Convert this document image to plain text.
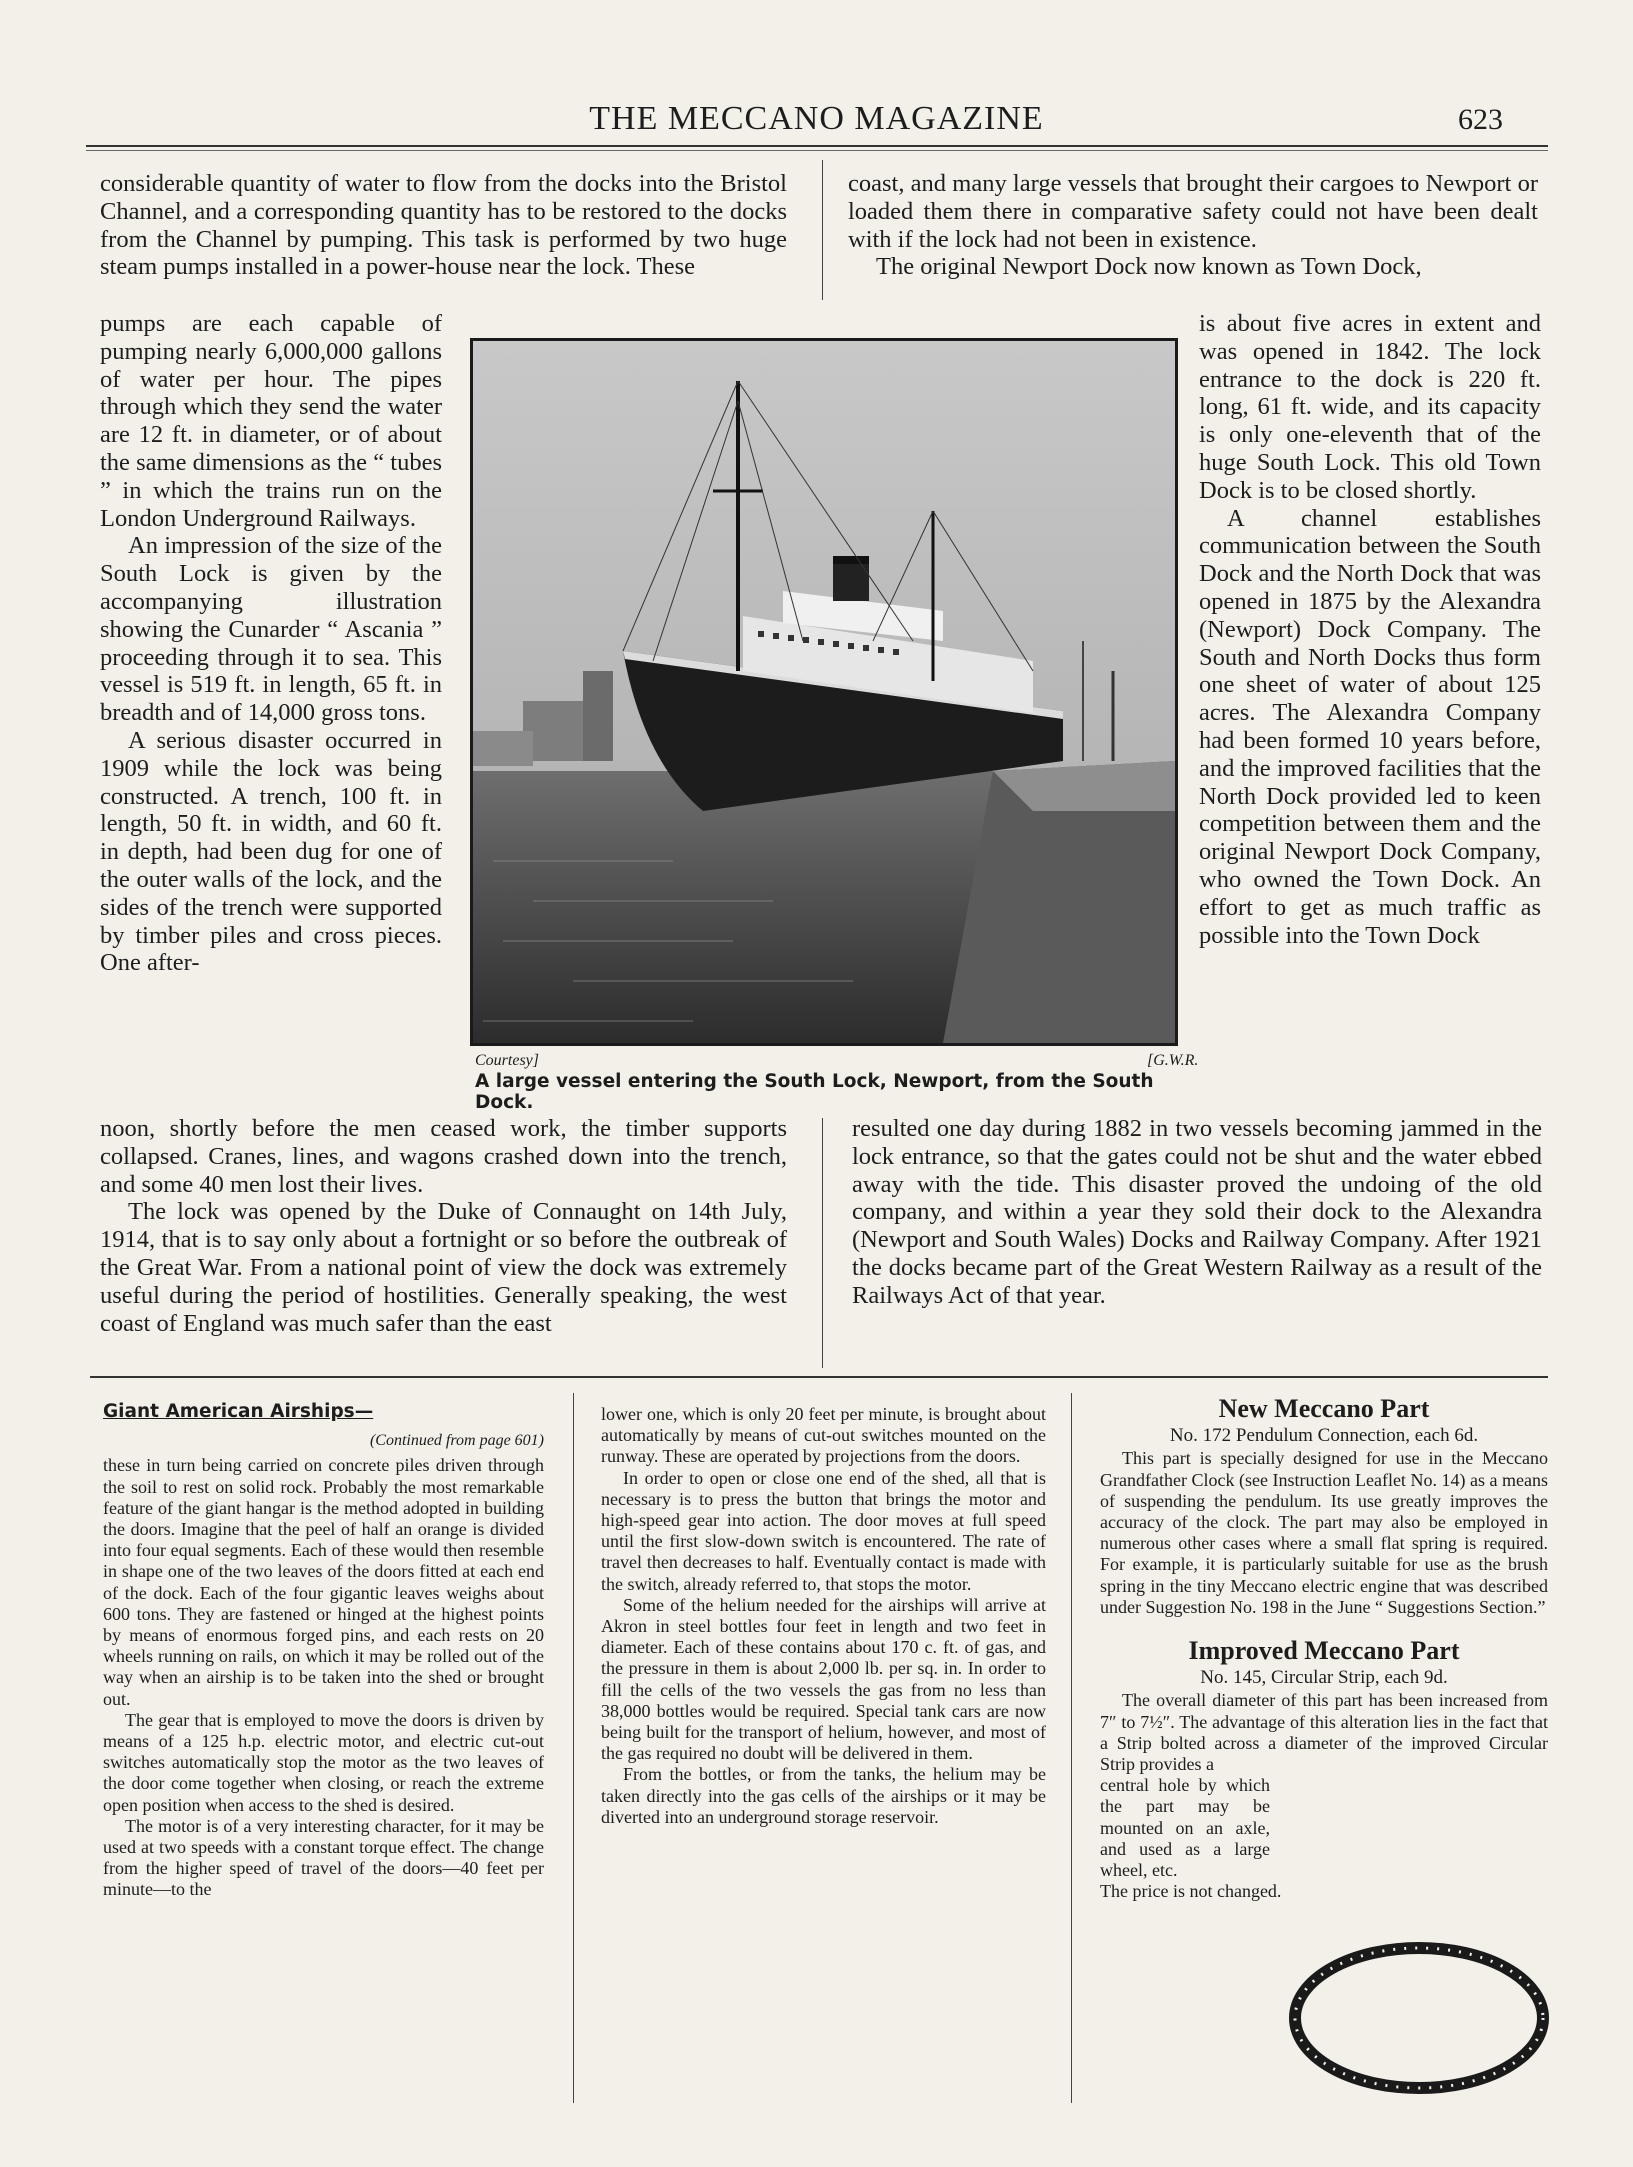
THE MECCANO MAGAZINE	623

considerable quantity of water to flow from the docks into the Bristol Channel, and a corresponding quantity has to be restored to the docks from the Channel by pumping. This task is performed by two huge steam pumps installed in a power-house near the lock. These

pumps are each capable of pumping nearly 6,000,000 gallons of water per hour. The pipes through which they send the water are 12 ft. in diameter, or of about the same dimensions as the “ tubes ” in which the trains run on the London Underground Railways.

An impression of the size of the South Lock is given by the accompanying illustration showing the Cunarder “ Ascania ” proceeding through it to sea. This vessel is 519 ft. in length, 65 ft. in breadth and of 14,000 gross tons.

A serious disaster occurred in 1909 while the lock was being constructed. A trench, 100 ft. in length, 50 ft. in width, and 60 ft. in depth, had been dug for one of the outer walls of the lock, and the sides of the trench were supported by timber piles and cross pieces. One after-

noon, shortly before the men ceased work, the timber supports collapsed. Cranes, lines, and wagons crashed down into the trench, and some 40 men lost their lives.

The lock was opened by the Duke of Connaught on 14th July, 1914, that is to say only about a fortnight or so before the outbreak of the Great War. From a national point of view the dock was extremely useful during the period of hostilities. Generally speaking, the west coast of England was much safer than the east

coast, and many large vessels that brought their cargoes to Newport or loaded them there in comparative safety could not have been dealt with if the lock had not been in existence.

The original Newport Dock now known as Town Dock,

is about five acres in extent and was opened in 1842. The lock entrance to the dock is 220 ft. long, 61 ft. wide, and its capacity is only one-eleventh that of the huge South Lock. This old Town Dock is to be closed shortly.

A channel establishes communication between the South Dock and the North Dock that was opened in 1875 by the Alexandra (Newport) Dock Company. The South and North Docks thus form one sheet of water of about 125 acres. The Alexandra Company had been formed 10 years before, and the improved facilities that the North Dock provided led to keen competition between them and the original Newport Dock Company, who owned the Town Dock. An effort to get as much traffic as possible into the Town Dock

resulted one day during 1882 in two vessels becoming jammed in the lock entrance, so that the gates could not be shut and the water ebbed away with the tide. This disaster proved the undoing of the old company, and within a year they sold their dock to the Alexandra (Newport and South Wales) Docks and Railway Company. After 1921 the docks became part of the Great Western Railway as a result of the Railways Act of that year.

Courtesy]	[G.W.R.
A large vessel entering the South Lock, Newport, from the South Dock.
Giant American Airships—
(Continued from page 601)

these in turn being carried on concrete piles driven through the soil to rest on solid rock. Probably the most remarkable feature of the giant hangar is the method adopted in building the doors. Imagine that the peel of half an orange is divided into four equal segments. Each of these would then resemble in shape one of the two leaves of the doors fitted at each end of the dock. Each of the four gigantic leaves weighs about 600 tons. They are fastened or hinged at the highest points by means of enormous forged pins, and each rests on 20 wheels running on rails, on which it may be rolled out of the way when an airship is to be taken into the shed or brought out.

The gear that is employed to move the doors is driven by means of a 125 h.p. electric motor, and electric cut-out switches automatically stop the motor as the two leaves of the door come together when closing, or reach the extreme open position when access to the shed is desired.

The motor is of a very interesting character, for it may be used at two speeds with a constant torque effect. The change from the higher speed of travel of the doors—40 feet per minute—to the

lower one, which is only 20 feet per minute, is brought about automatically by means of cut-out switches mounted on the runway. These are operated by projections from the doors.

In order to open or close one end of the shed, all that is necessary is to press the button that brings the motor and high-speed gear into action. The door moves at full speed until the first slow-down switch is encountered. The rate of travel then decreases to half. Eventually contact is made with the switch, already referred to, that stops the motor.

Some of the helium needed for the airships will arrive at Akron in steel bottles four feet in length and two feet in diameter. Each of these contains about 170 c. ft. of gas, and the pressure in them is about 2,000 lb. per sq. in. In order to fill the cells of the two vessels the gas from no less than 38,000 bottles would be required. Special tank cars are now being built for the transport of helium, however, and most of the gas required no doubt will be delivered in them.

From the bottles, or from the tanks, the helium may be taken directly into the gas cells of the airships or it may be diverted into an underground storage reservoir.

New Meccano Part
No. 172 Pendulum Connection, each 6d.

This part is specially designed for use in the Meccano Grandfather Clock (see Instruction Leaflet No. 14) as a means of suspending the pendulum. Its use greatly improves the accuracy of the clock. The part may also be employed in numerous other cases where a small flat spring is required. For example, it is particularly suitable for use as the brush spring in the tiny Meccano electric engine that was described under Suggestion No. 198 in the June “ Suggestions Section.”

Improved Meccano Part
No. 145, Circular Strip, each 9d.

The overall diameter of this part has been increased from 7″ to 7½″. The advantage of this alteration lies in the fact that a Strip bolted across a diameter of the improved Circular Strip provides a

central hole by which the part may be mounted on an axle, and used as a large wheel, etc.

The price is not changed.
